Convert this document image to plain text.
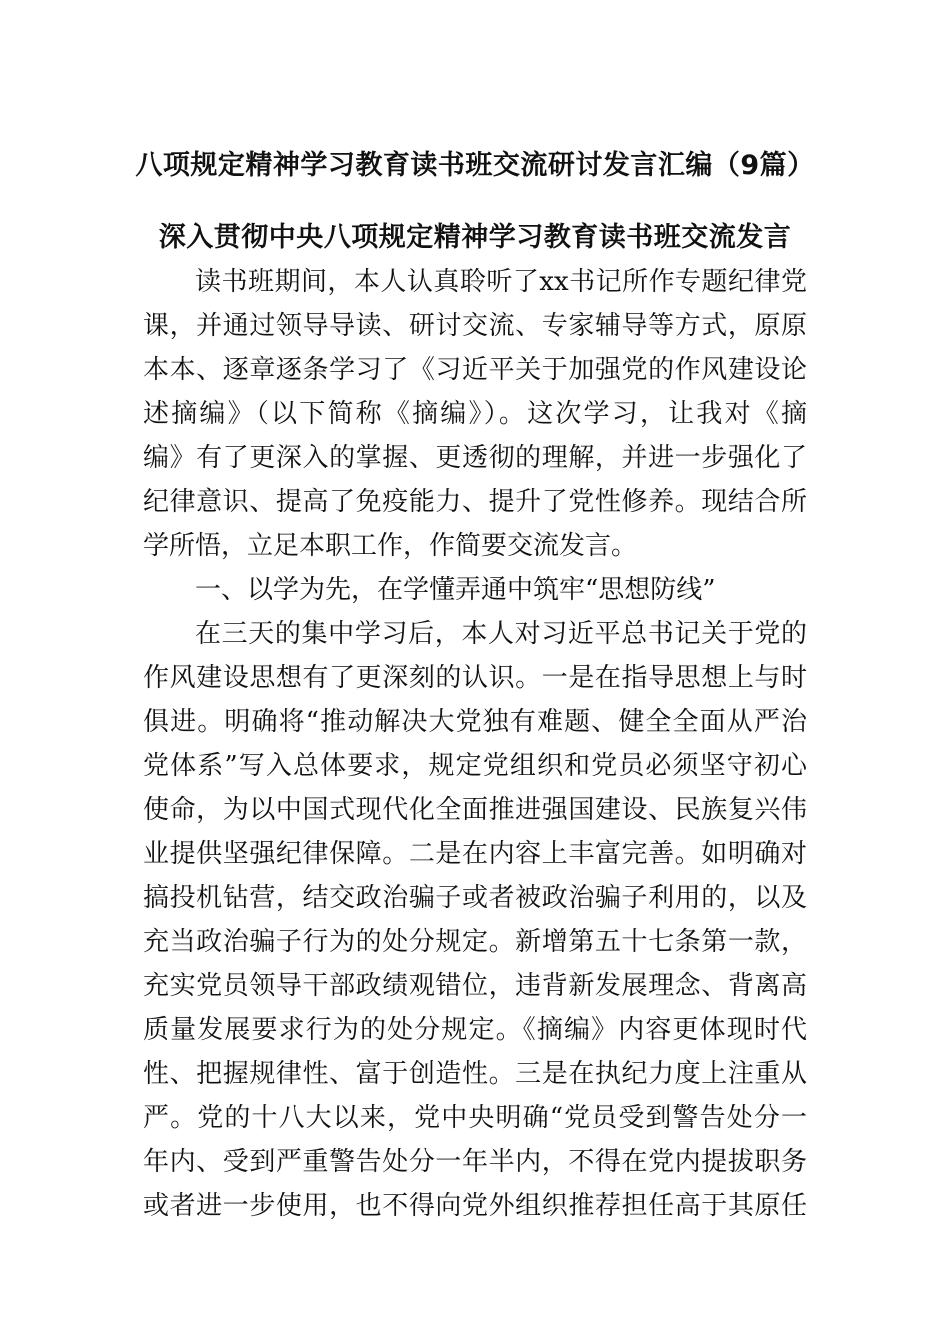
八项规定精神学习教育读书班交流研讨发言汇编（9篇）
深入贯彻中央八项规定精神学习教育读书班交流发言
读书班期间，本人认真聆听了xx书记所作专题纪律党
课，并通过领导导读、研讨交流、专家辅导等方式，原原
本本、逐章逐条学习了《习近平关于加强党的作风建设论
述摘编》（以下简称《摘编》）。这次学习，让我对《摘
编》有了更深入的掌握、更透彻的理解，并进一步强化了
纪律意识、提高了免疫能力、提升了党性修养。现结合所
学所悟，立足本职工作，作简要交流发言。
一、以学为先，在学懂弄通中筑牢“思想防线”
在三天的集中学习后，本人对习近平总书记关于党的
作风建设思想有了更深刻的认识。一是在指导思想上与时
俱进。明确将“推动解决大党独有难题、健全全面从严治
党体系”写入总体要求，规定党组织和党员必须坚守初心
使命，为以中国式现代化全面推进强国建设、民族复兴伟
业提供坚强纪律保障。二是在内容上丰富完善。如明确对
搞投机钻营，结交政治骗子或者被政治骗子利用的，以及
充当政治骗子行为的处分规定。新增第五十七条第一款，
充实党员领导干部政绩观错位，违背新发展理念、背离高
质量发展要求行为的处分规定。《摘编》内容更体现时代
性、把握规律性、富于创造性。三是在执纪力度上注重从
严。党的十八大以来，党中央明确“党员受到警告处分一
年内、受到严重警告处分一年半内，不得在党内提拔职务
或者进一步使用，也不得向党外组织推荐担任高于其原任
